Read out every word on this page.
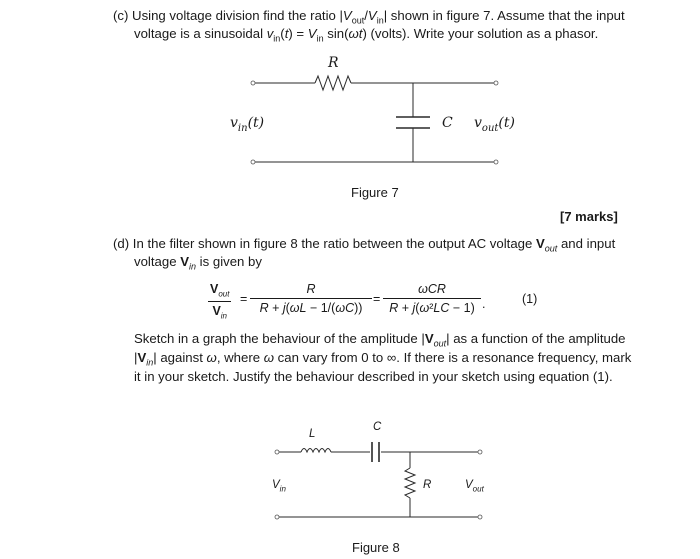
(c) Using voltage division find the ratio $|V_{out}/V_{in}|$ shown in figure 7. Assume that the input
voltage is a sinusoidal $v_{in}(t) = V_{in}$ sin(ωt) (volts). Write your solution as a phasor.
R
C
$v_{in}(t)$	$v_{out}(t)$
Figure 7
[7 marks]
(d) In the filter shown in figure 8 the ratio between the output AC voltage $V_{out}$ and input
voltage $V_{in}$ is given by
$V_{out}$
$V_{in}$
=
R
R + j(ωL − 1/(ωC))
=
ωCR
R + j(ω²LC − 1) .	(1)
Sketch in a graph the behaviour of the amplitude $|V_{out}|$ as a function of the amplitude
$|V_{in}|$ against ω, where ω can vary from 0 to ∞. If there is a resonance frequency, mark
it in your sketch. Justify the behaviour described in your sketch using equation (1).
L
C
R
$V_{in}$	$V_{out}$
Figure 8
